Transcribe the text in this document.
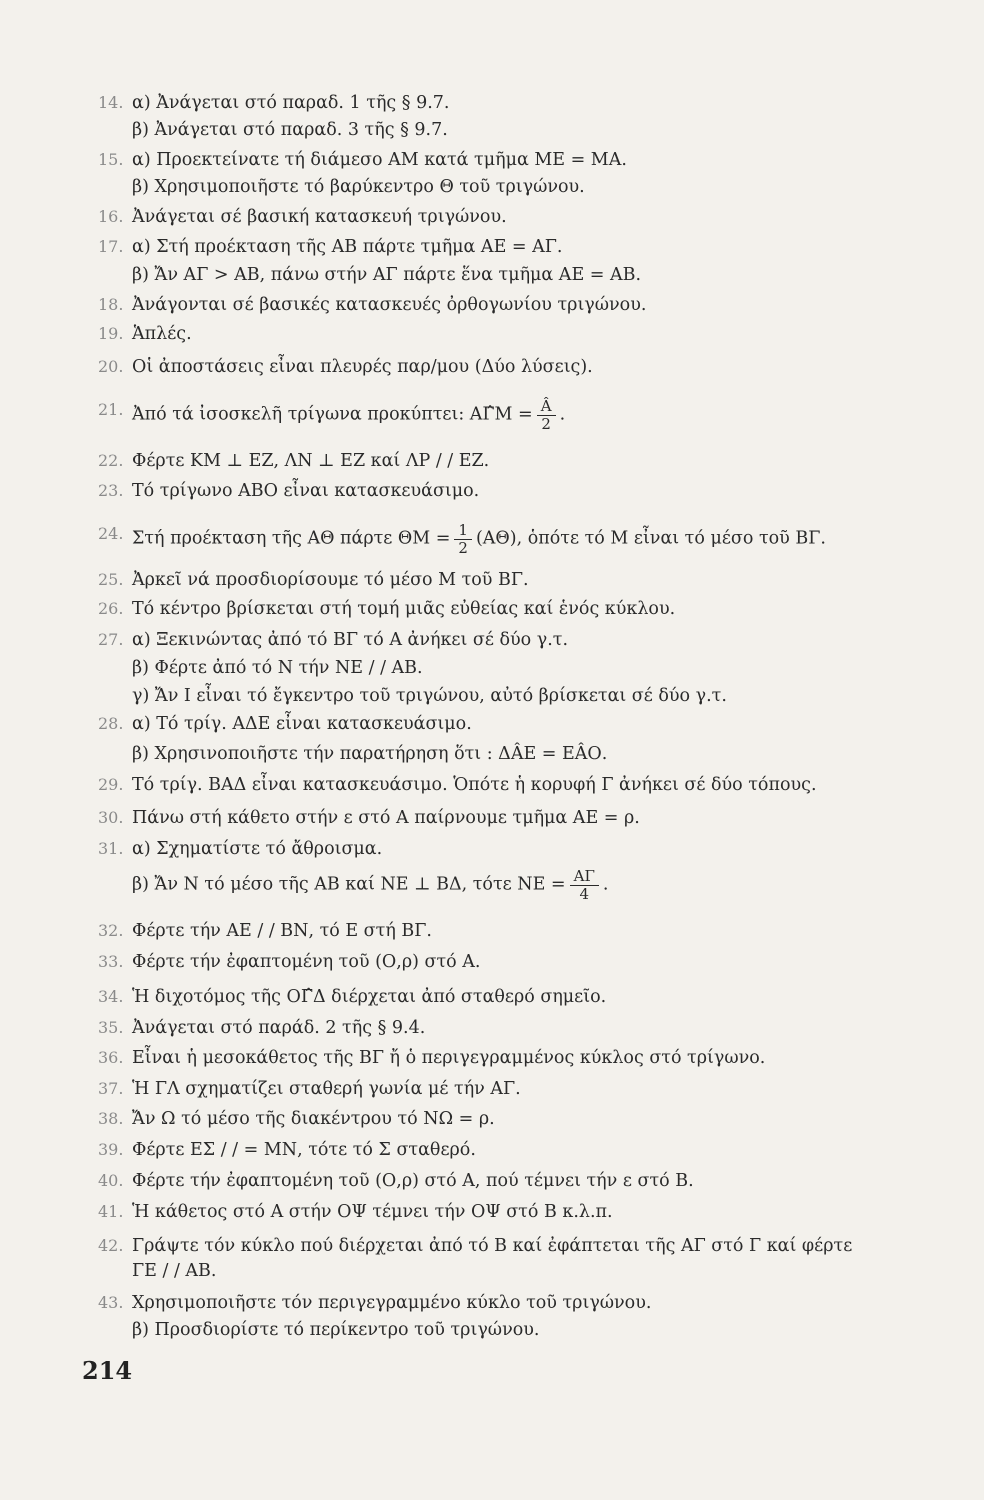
14. α) Ἀνάγεται στό παραδ. 1 τῆς § 9.7.
β) Ἀνάγεται στό παραδ. 3 τῆς § 9.7.
15. α) Προεκτείνατε τή διάμεσο ΑΜ κατά τμῆμα ΜΕ = ΜΑ.
β) Χρησιμοποιῆστε τό βαρύκεντρο Θ τοῦ τριγώνου.
16. Ἀνάγεται σέ βασική κατασκευή τριγώνου.
17. α) Στή προέκταση τῆς ΑΒ πάρτε τμῆμα ΑΕ = ΑΓ.
β) Ἄν ΑΓ > ΑΒ, πάνω στήν ΑΓ πάρτε ἕνα τμῆμα ΑΕ = ΑΒ.
18. Ἀνάγονται σέ βασικές κατασκευές ὀρθογωνίου τριγώνου.
19. Ἁπλές.
20. Οἱ ἀποστάσεις εἶναι πλευρές παρ/μου (Δύο λύσεις).
21. Ἀπό τά ἰσοσκελῆ τρίγωνα προκύπτει: ΑΓ̂Μ = $\frac{Â}{2}$ .
22. Φέρτε ΚΜ ⊥ ΕΖ, ΛΝ ⊥ ΕΖ καί ΛΡ / / ΕΖ.
23. Τό τρίγωνο ΑΒΟ εἶναι κατασκευάσιμο.
24. Στή προέκταση τῆς ΑΘ πάρτε $\Theta M = \frac{1}{2} (A\Theta)$, ὁπότε τό Μ εἶναι τό μέσο τοῦ ΒΓ.
25. Ἀρκεῖ νά προσδιορίσουμε τό μέσο Μ τοῦ ΒΓ.
26. Τό κέντρο βρίσκεται στή τομή μιᾶς εὐθείας καί ἑνός κύκλου.
27. α) Ξεκινώντας ἀπό τό ΒΓ τό Α ἀνήκει σέ δύο γ.τ.
β) Φέρτε ἀπό τό Ν τήν ΝΕ / / ΑΒ.
γ) Ἄν Ι εἶναι τό ἔγκεντρο τοῦ τριγώνου, αὐτό βρίσκεται σέ δύο γ.τ.
28. α) Τό τρίγ. ΑΔΕ εἶναι κατασκευάσιμο.
β) Χρησινοποιῆστε τήν παρατήρηση ὅτι : ΔÂΕ = ΕÂΟ.
29. Τό τρίγ. ΒΑΔ εἶναι κατασκευάσιμο. Ὁπότε ἡ κορυφή Γ ἀνήκει σέ δύο τόπους.
30. Πάνω στή κάθετο στήν ε στό Α παίρνουμε τμῆμα ΑΕ = ρ.
31. α) Σχηματίστε τό ἄθροισμα.
β) Ἄν Ν τό μέσο τῆς ΑΒ καί ΝΕ ⊥ ΒΔ, τότε $NE = \frac{A\Gamma}{4}$ .
32. Φέρτε τήν ΑΕ / / ΒΝ, τό Ε στή ΒΓ.
33. Φέρτε τήν ἐφαπτομένη τοῦ (Ο,ρ) στό Α.
34. Ἡ διχοτόμος τῆς ΟΓ̂Δ διέρχεται ἀπό σταθερό σημεῖο.
35. Ἀνάγεται στό παράδ. 2 τῆς § 9.4.
36. Εἶναι ἡ μεσοκάθετος τῆς ΒΓ ἤ ὁ περιγεγραμμένος κύκλος στό τρίγωνο.
37. Ἡ ΓΛ σχηματίζει σταθερή γωνία μέ τήν ΑΓ.
38. Ἄν Ω τό μέσο τῆς διακέντρου τό ΝΩ = ρ.
39. Φέρτε ΕΣ / / = ΜΝ, τότε τό Σ σταθερό.
40. Φέρτε τήν ἐφαπτομένη τοῦ (Ο,ρ) στό Α, πού τέμνει τήν ε στό Β.
41. Ἡ κάθετος στό Α στήν ΟΨ τέμνει τήν ΟΨ στό Β κ.λ.π.
42. Γράψτε τόν κύκλο πού διέρχεται ἀπό τό Β καί ἐφάπτεται τῆς ΑΓ στό Γ καί φέρτε
ΓΕ / / ΑΒ.
43. Χρησιμοποιῆστε τόν περιγεγραμμένο κύκλο τοῦ τριγώνου.
β) Προσδιορίστε τό περίκεντρο τοῦ τριγώνου.
214
